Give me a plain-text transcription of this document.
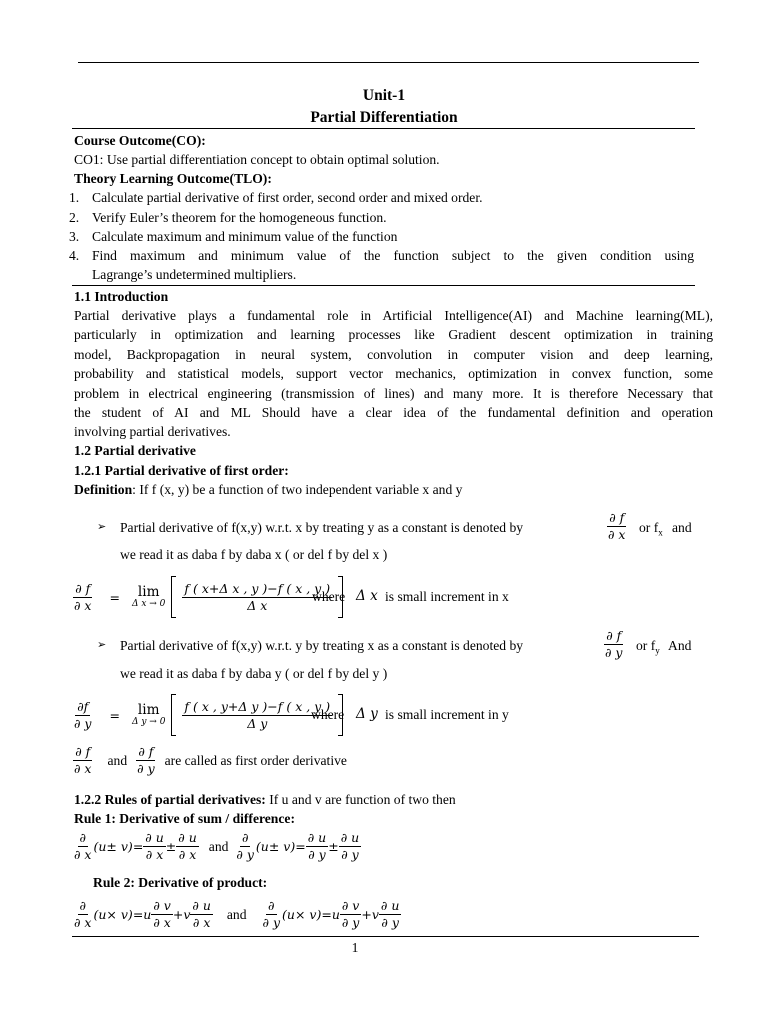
Unit-1
Partial Differentiation
Course Outcome(CO):
CO1: Use partial differentiation concept to obtain optimal solution.
Theory Learning Outcome(TLO):
1. Calculate partial derivative of first order, second order and mixed order.
2. Verify Euler’s theorem for the homogeneous function.
3. Calculate maximum and minimum value of the function
4. Find maximum and minimum value of the function subject to the given condition using
Lagrange’s undetermined multipliers.
1.1 Introduction
Partial derivative plays a fundamental role in Artificial Intelligence(AI) and Machine learning(ML),
particularly in optimization and learning processes like Gradient descent optimization in training
model, Backpropagation in neural system, convolution in computer vision and deep learning,
probability and statistical models, support vector mechanics, optimization in convex function, some
problem in electrical engineering (transmission of lines) and many more. It is therefore Necessary that
the student of AI and ML Should have a clear idea of the fundamental definition and operation
involving partial derivatives.
1.2 Partial derivative
1.2.1 Partial derivative of first order:
Definition: If f (x, y) be a function of two independent variable x and y
➢ Partial derivative of f(x,y) w.r.t. x by treating y as a constant is denoted by	$\frac{\partial f}{\partial x}$ or $f_x$ and
we read it as daba f by daba x ( or del f by del x )
$\frac{\partial f}{\partial x} = \lim$
Δ $x \to 0 \frac{\text{f ( x+Δ x , y )−f ( x , y )}}{\text{Δ x}}$
where Δ x is small increment in x
➢ Partial derivative of f(x,y) w.r.t. y by treating x as a constant is denoted by	$\frac{\partial f}{\partial y}$ or $f_y$ And
we read it as daba f by daba y ( or del f by del y )
$\frac{\partial f}{\partial y} = \lim$
Δ $y \to 0 \frac{\text{f ( x , y+Δ y )−f ( x , y )}}{\text{Δ y}}$
where Δ y is small increment in y
$\frac{\partial f}{\partial x}$ and $\frac{\partial f}{\partial y}$ are called as first order derivative
1.2.2 Rules of partial derivatives: If u and v are function of two then
Rule 1: Derivative of sum / difference:
$\frac{\partial}{\partial x} (u\pm v)= \frac{\partial u}{\partial x} \pm \frac{\partial u}{\partial x}$ and $\frac{\partial}{\partial y} (u\pm v)= \frac{\partial u}{\partial y} \pm \frac{\partial u}{\partial y}$
Rule 2: Derivative of product:
$\frac{\partial}{\partial x} (u\times v)=u \frac{\partial v}{\partial x} +v \frac{\partial u}{\partial x}$ and $\frac{\partial}{\partial y} (u\times v)=u \frac{\partial v}{\partial y} +v \frac{\partial u}{\partial y}$
1
